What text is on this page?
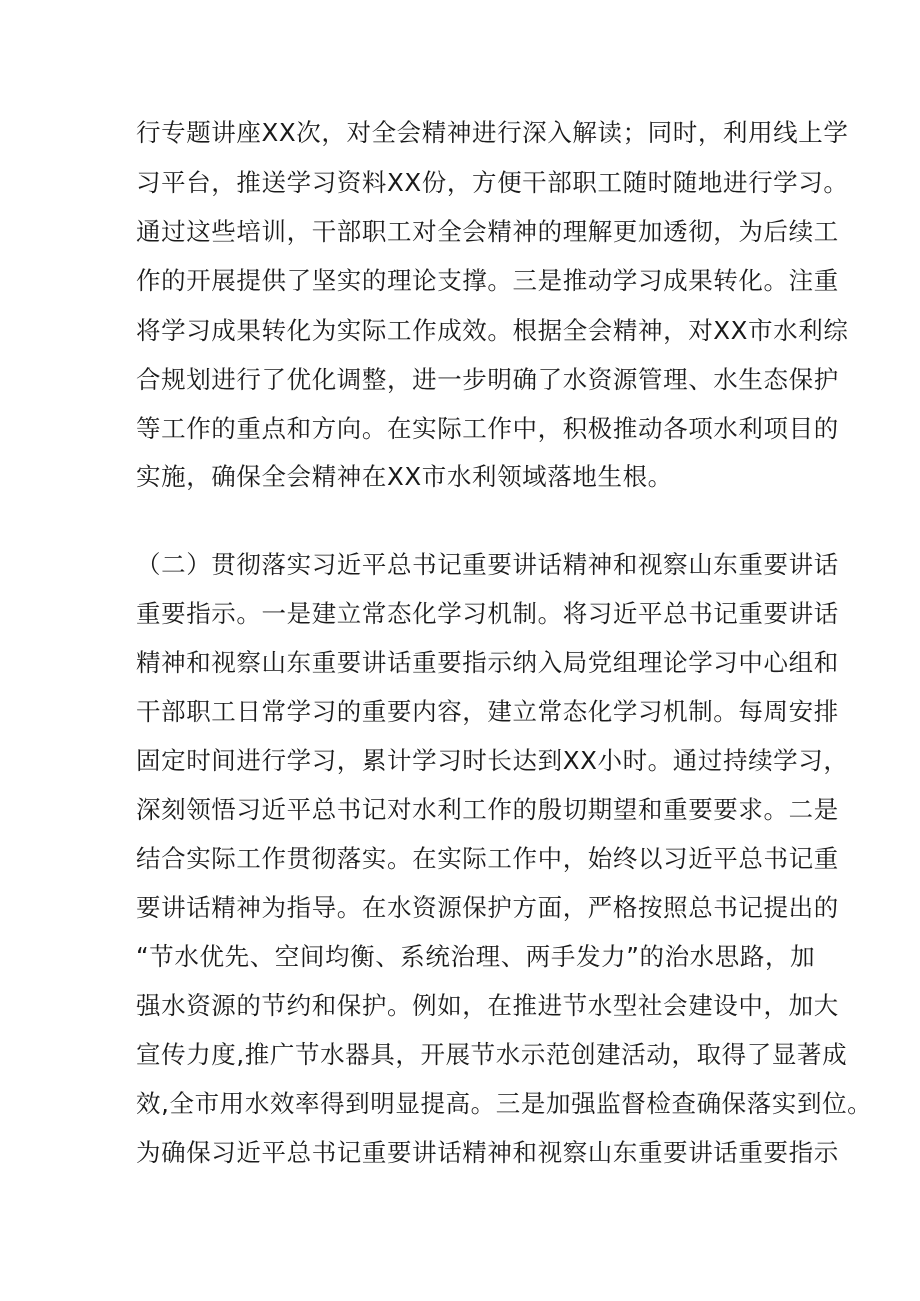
行专题讲座XX次，对全会精神进行深入解读；同时，利用线上学
习平台，推送学习资料XX份，方便干部职工随时随地进行学习。
通过这些培训，干部职工对全会精神的理解更加透彻，为后续工
作的开展提供了坚实的理论支撑。三是推动学习成果转化。注重
将学习成果转化为实际工作成效。根据全会精神，对XX市水利综
合规划进行了优化调整，进一步明确了水资源管理、水生态保护
等工作的重点和方向。在实际工作中，积极推动各项水利项目的
实施，确保全会精神在XX市水利领域落地生根。
（二）贯彻落实习近平总书记重要讲话精神和视察山东重要讲话
重要指示。一是建立常态化学习机制。将习近平总书记重要讲话
精神和视察山东重要讲话重要指示纳入局党组理论学习中心组和
干部职工日常学习的重要内容，建立常态化学习机制。每周安排
固定时间进行学习，累计学习时长达到XX小时。通过持续学习，
深刻领悟习近平总书记对水利工作的殷切期望和重要要求。二是
结合实际工作贯彻落实。在实际工作中，始终以习近平总书记重
要讲话精神为指导。在水资源保护方面，严格按照总书记提出的
“节水优先、空间均衡、系统治理、两手发力”的治水思路，加
强水资源的节约和保护。例如，在推进节水型社会建设中，加大
宣传力度,推广节水器具，开展节水示范创建活动，取得了显著成
效,全市用水效率得到明显提高。三是加强监督检查确保落实到位。
为确保习近平总书记重要讲话精神和视察山东重要讲话重要指示
